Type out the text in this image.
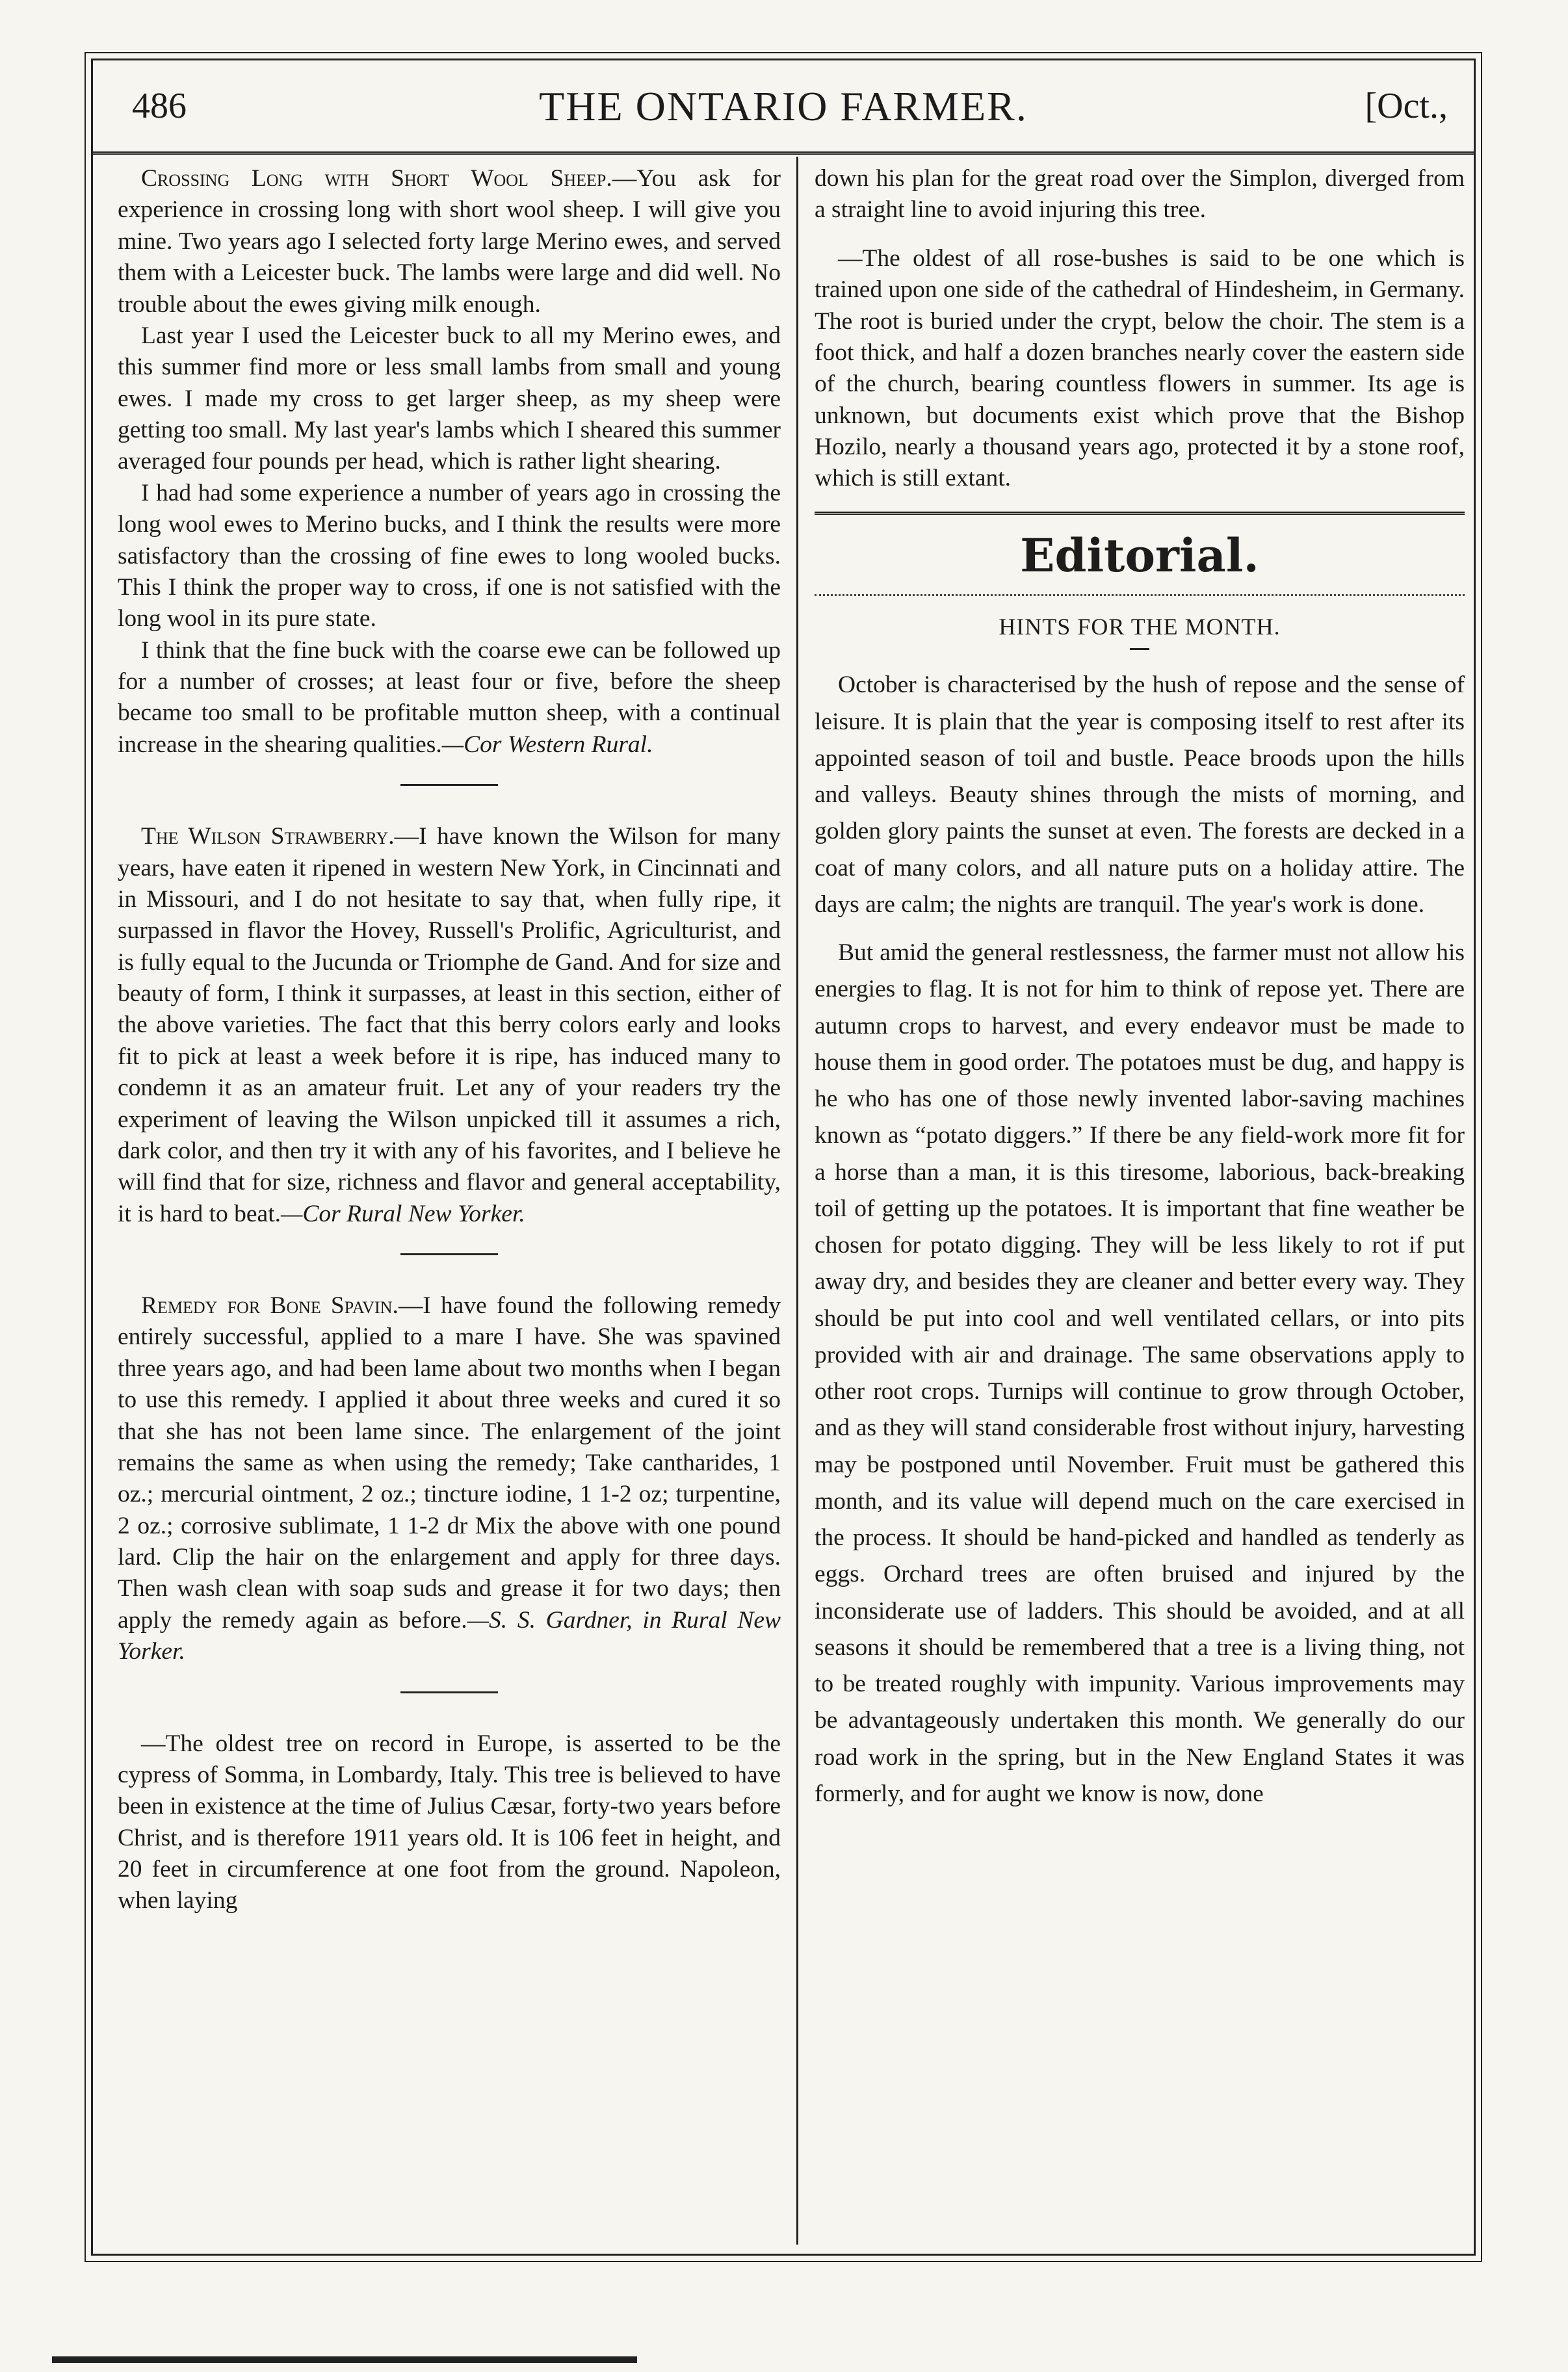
486	THE ONTARIO FARMER.	[Oct.,

Crossing Long with Short Wool Sheep.—You ask for experience in crossing long with short wool sheep. I will give you mine. Two years ago I selected forty large Merino ewes, and served them with a Leicester buck. The lambs were large and did well. No trouble about the ewes giving milk enough.

Last year I used the Leicester buck to all my Merino ewes, and this summer find more or less small lambs from small and young ewes. I made my cross to get larger sheep, as my sheep were getting too small. My last year's lambs which I sheared this summer averaged four pounds per head, which is rather light shearing.

I had had some experience a number of years ago in crossing the long wool ewes to Merino bucks, and I think the results were more satisfactory than the crossing of fine ewes to long wooled bucks. This I think the proper way to cross, if one is not satisfied with the long wool in its pure state.

I think that the fine buck with the coarse ewe can be followed up for a number of crosses; at least four or five, before the sheep became too small to be profitable mutton sheep, with a continual increase in the shearing qualities.—Cor Western Rural.

The Wilson Strawberry.—I have known the Wilson for many years, have eaten it ripened in western New York, in Cincinnati and in Missouri, and I do not hesitate to say that, when fully ripe, it surpassed in flavor the Hovey, Russell's Prolific, Agriculturist, and is fully equal to the Jucunda or Triomphe de Gand. And for size and beauty of form, I think it surpasses, at least in this section, either of the above varieties. The fact that this berry colors early and looks fit to pick at least a week before it is ripe, has induced many to condemn it as an amateur fruit. Let any of your readers try the experiment of leaving the Wilson unpicked till it assumes a rich, dark color, and then try it with any of his favorites, and I believe he will find that for size, richness and flavor and general acceptability, it is hard to beat.—Cor Rural New Yorker.

Remedy for Bone Spavin.—I have found the following remedy entirely successful, applied to a mare I have. She was spavined three years ago, and had been lame about two months when I began to use this remedy. I applied it about three weeks and cured it so that she has not been lame since. The enlargement of the joint remains the same as when using the remedy; Take cantharides, 1 oz.; mercurial ointment, 2 oz.; tincture iodine, 1 1-2 oz; turpentine, 2 oz.; corrosive sublimate, 1 1-2 dr Mix the above with one pound lard. Clip the hair on the enlargement and apply for three days. Then wash clean with soap suds and grease it for two days; then apply the remedy again as before.—S. S. Gardner, in Rural New Yorker.

—The oldest tree on record in Europe, is asserted to be the cypress of Somma, in Lombardy, Italy. This tree is believed to have been in existence at the time of Julius Cæsar, forty-two years before Christ, and is therefore 1911 years old. It is 106 feet in height, and 20 feet in circumference at one foot from the ground. Napoleon, when laying

down his plan for the great road over the Simplon, diverged from a straight line to avoid injuring this tree.

—The oldest of all rose-bushes is said to be one which is trained upon one side of the cathedral of Hindesheim, in Germany. The root is buried under the crypt, below the choir. The stem is a foot thick, and half a dozen branches nearly cover the eastern side of the church, bearing countless flowers in summer. Its age is unknown, but documents exist which prove that the Bishop Hozilo, nearly a thousand years ago, protected it by a stone roof, which is still extant.

Editorial.
HINTS FOR THE MONTH.

October is characterised by the hush of repose and the sense of leisure. It is plain that the year is composing itself to rest after its appointed season of toil and bustle. Peace broods upon the hills and valleys. Beauty shines through the mists of morning, and golden glory paints the sunset at even. The forests are decked in a coat of many colors, and all nature puts on a holiday attire. The days are calm; the nights are tranquil. The year's work is done.

But amid the general restlessness, the farmer must not allow his energies to flag. It is not for him to think of repose yet. There are autumn crops to harvest, and every endeavor must be made to house them in good order. The potatoes must be dug, and happy is he who has one of those newly invented labor-saving machines known as “potato diggers.” If there be any field-work more fit for a horse than a man, it is this tiresome, laborious, back-breaking toil of getting up the potatoes. It is important that fine weather be chosen for potato digging. They will be less likely to rot if put away dry, and besides they are cleaner and better every way. They should be put into cool and well ventilated cellars, or into pits provided with air and drainage. The same observations apply to other root crops. Turnips will continue to grow through October, and as they will stand considerable frost without injury, harvesting may be postponed until November. Fruit must be gathered this month, and its value will depend much on the care exercised in the process. It should be hand-picked and handled as tenderly as eggs. Orchard trees are often bruised and injured by the inconsiderate use of ladders. This should be avoided, and at all seasons it should be remembered that a tree is a living thing, not to be treated roughly with impunity. Various improvements may be advantageously undertaken this month. We generally do our road work in the spring, but in the New England States it was formerly, and for aught we know is now, done
